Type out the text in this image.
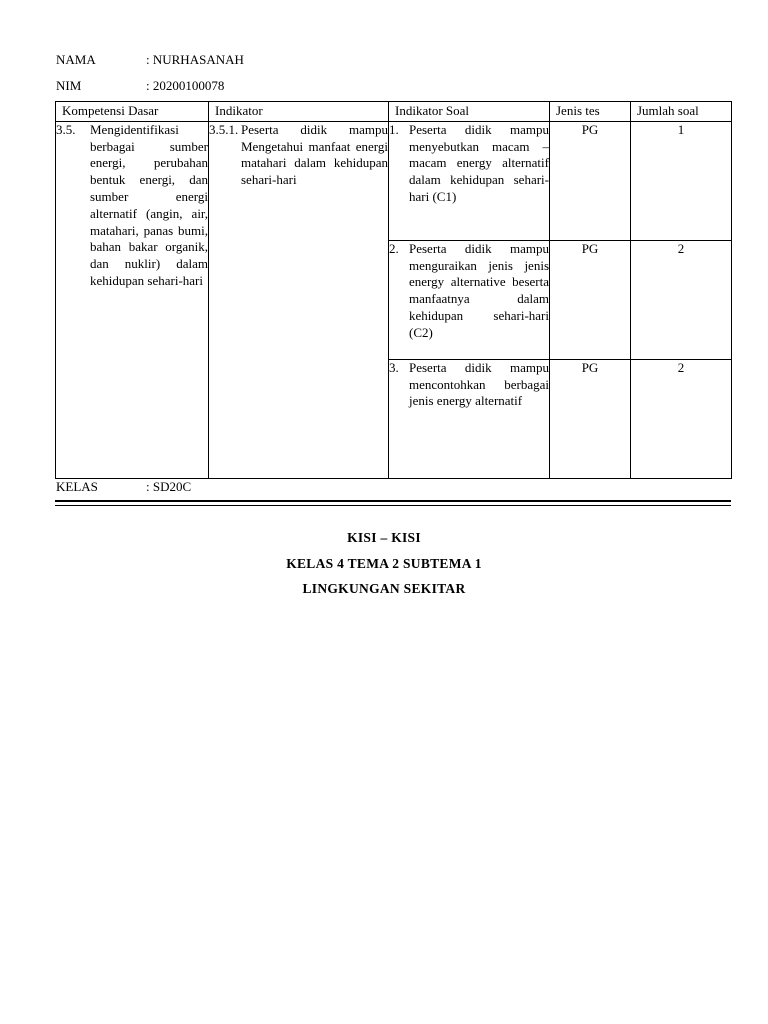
NAMA	: NURHASANAH
NIM	: 20200100078
Kompetensi Dasar	Indikator	Indikator Soal	Jenis tes	Jumlah soal

3.5. Mengidentifikasi berbagai sumber energi, perubahan bentuk energi, dan sumber energi alternatif (angin, air, matahari, panas bumi, bahan bakar organik, dan nuklir) dalam kehidupan sehari-hari	3.5.1. Peserta didik mampu Mengetahui manfaat energi matahari dalam kehidupan sehari-hari	1. Peserta didik mampu menyebutkan macam – macam energy alternatif dalam kehidupan sehari-hari (C1)	PG	1

		2. Peserta didik mampu menguraikan jenis jenis energy alternative beserta manfaatnya dalam kehidupan sehari-hari (C2)	PG	2

		3. Peserta didik mampu mencontohkan berbagai jenis energy alternatif	PG	2
KELAS	: SD20C
KISI – KISI
KELAS 4 TEMA 2 SUBTEMA 1
LINGKUNGAN SEKITAR
